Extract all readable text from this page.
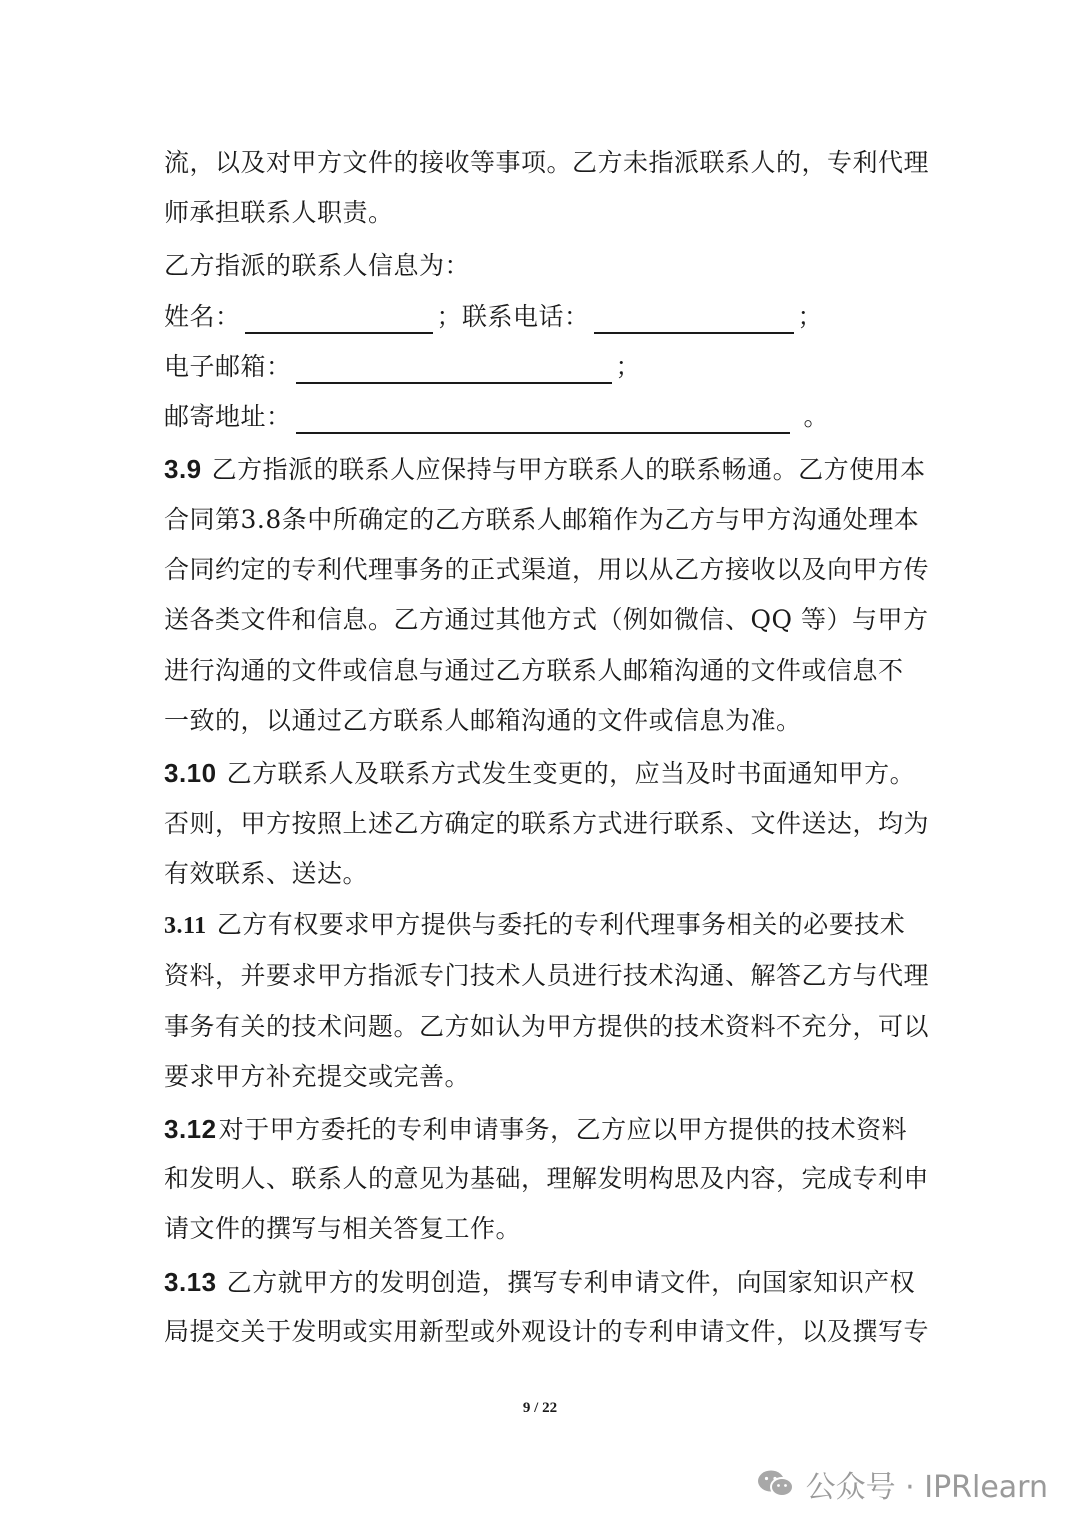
流，以及对甲方文件的接收等事项。乙方未指派联系人的，专利代理
师承担联系人职责。
乙方指派的联系人信息为：
姓名：	；联系电话：	；
电子邮箱：	；
邮寄地址：	。
3.9 乙方指派的联系人应保持与甲方联系人的联系畅通。乙方使用本
合同第3.8条中所确定的乙方联系人邮箱作为乙方与甲方沟通处理本
合同约定的专利代理事务的正式渠道，用以从乙方接收以及向甲方传
送各类文件和信息。乙方通过其他方式（例如微信、QQ 等）与甲方
进行沟通的文件或信息与通过乙方联系人邮箱沟通的文件或信息不
一致的，以通过乙方联系人邮箱沟通的文件或信息为准。
3.10 乙方联系人及联系方式发生变更的，应当及时书面通知甲方。
否则，甲方按照上述乙方确定的联系方式进行联系、文件送达，均为
有效联系、送达。
3.11 乙方有权要求甲方提供与委托的专利代理事务相关的必要技术
资料，并要求甲方指派专门技术人员进行技术沟通、解答乙方与代理
事务有关的技术问题。乙方如认为甲方提供的技术资料不充分，可以
要求甲方补充提交或完善。
3.12对于甲方委托的专利申请事务，乙方应以甲方提供的技术资料
和发明人、联系人的意见为基础，理解发明构思及内容，完成专利申
请文件的撰写与相关答复工作。
3.13 乙方就甲方的发明创造，撰写专利申请文件，向国家知识产权
局提交关于发明或实用新型或外观设计的专利申请文件，以及撰写专
9 / 22
公众号 · IPRlearn
